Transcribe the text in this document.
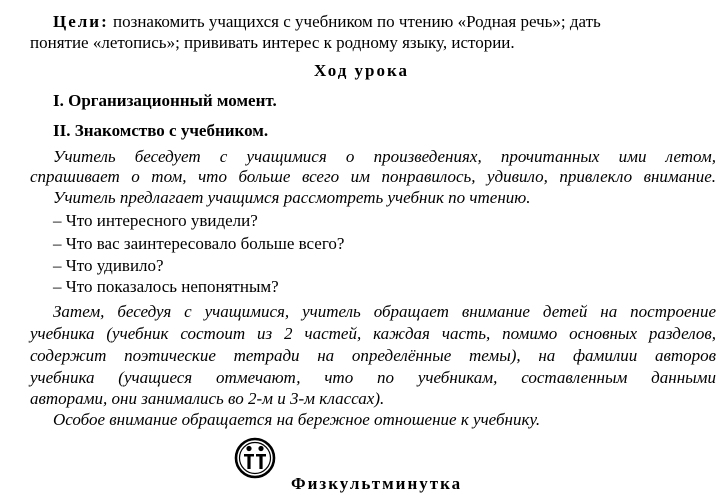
Цели: познакомить учащихся с учебником по чтению «Родная речь»; дать
понятие «летопись»; прививать интерес к родному языку, истории.
Ход урока
I. Организационный момент.
II. Знакомство с учебником.
Учитель беседует с учащимися о произведениях, прочитанных ими летом,
спрашивает о том, что больше всего им понравилось, удивило, привлекло внимание.
Учитель предлагает учащимся рассмотреть учебник по чтению.
– Что интересного увидели?
– Что вас заинтересовало больше всего?
– Что удивило?
– Что показалось непонятным?
Затем, беседуя с учащимися, учитель обращает внимание детей на построение
учебника (учебник состоит из 2 частей, каждая часть, помимо основных разделов,
содержит поэтические тетради на определённые темы), на фамилии авторов
учебника (учащиеся отмечают, что по учебникам, составленным данными
авторами, они занимались во 2-м и 3-м классах).
Особое внимание обращается на бережное отношение к учебнику.
Физкультминутка
